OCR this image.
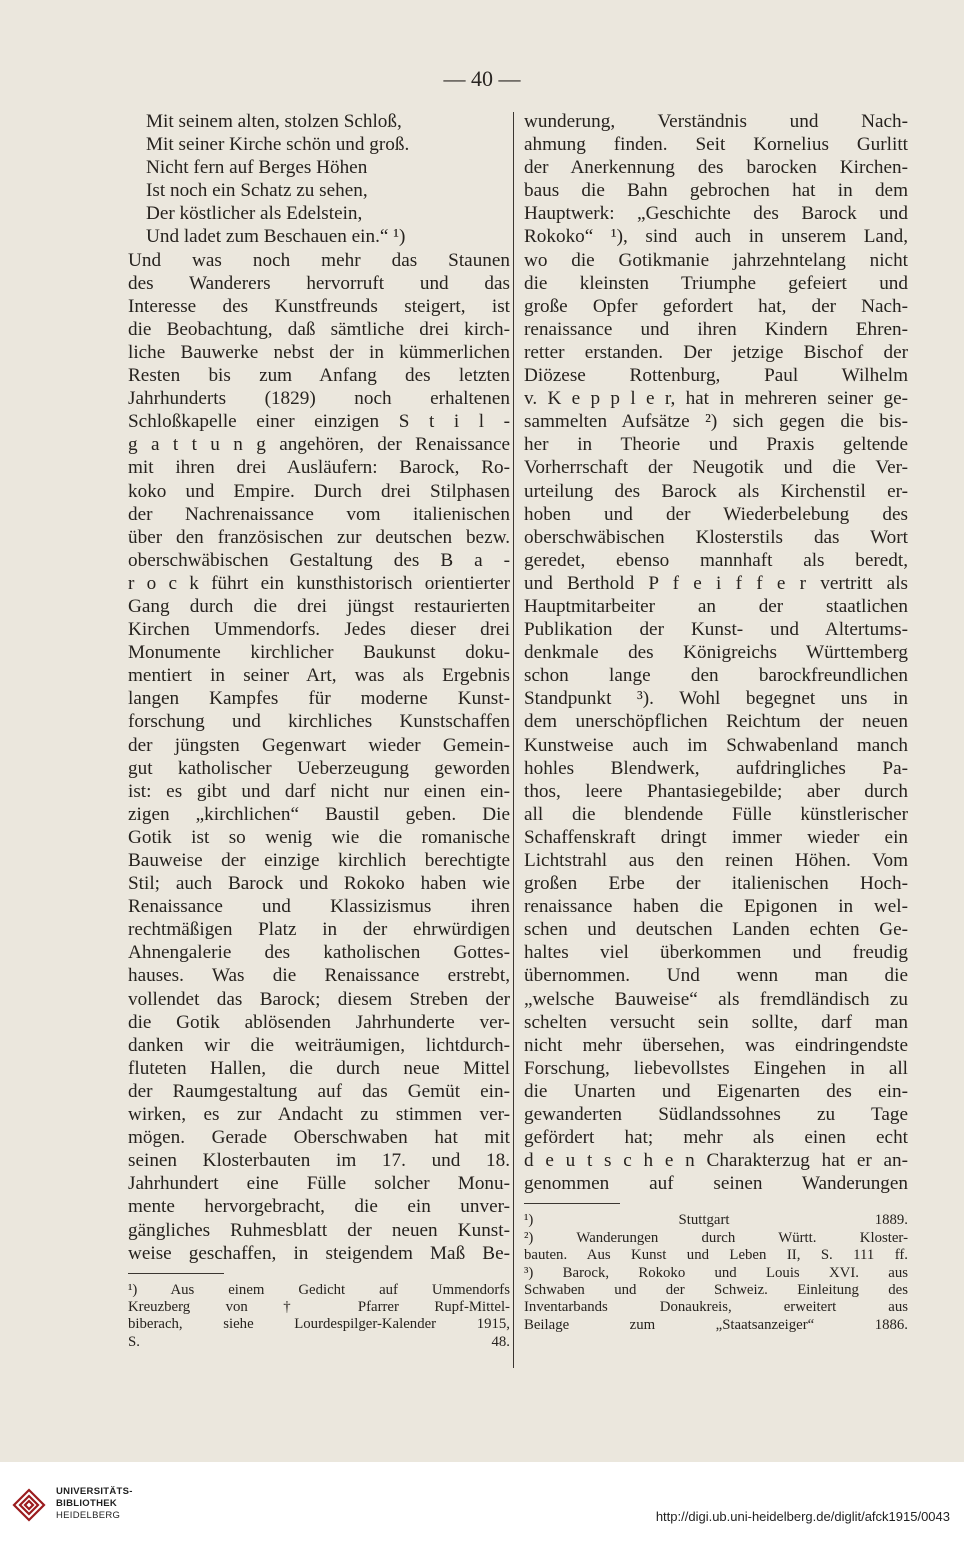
— 40 —
Mit seinem alten, stolzen Schloß,
Mit seiner Kirche schön und groß.
Nicht fern auf Berges Höhen
Ist noch ein Schatz zu sehen,
Der köstlicher als Edelstein,
Und ladet zum Beschauen ein.“ ¹)
Und was noch mehr das Staunen
des Wanderers hervorruft und das
Interesse des Kunstfreunds steigert, ist
die Beobachtung, daß sämtliche drei kirch-
liche Bauwerke nebst der in kümmerlichen
Resten bis zum Anfang des letzten
Jahrhunderts (1829) noch erhaltenen
Schloßkapelle einer einzigen S t i l -
g a t t u n g angehören, der Renaissance
mit ihren drei Ausläufern: Barock, Ro-
koko und Empire. Durch drei Stilphasen
der Nachrenaissance vom italienischen
über den französischen zur deutschen bezw.
oberschwäbischen Gestaltung des B a -
r o c k führt ein kunsthistorisch orientierter
Gang durch die drei jüngst restaurierten
Kirchen Ummendorfs. Jedes dieser drei
Monumente kirchlicher Baukunst doku-
mentiert in seiner Art, was als Ergebnis
langen Kampfes für moderne Kunst-
forschung und kirchliches Kunstschaffen
der jüngsten Gegenwart wieder Gemein-
gut katholischer Ueberzeugung geworden
ist: es gibt und darf nicht nur einen ein-
zigen „kirchlichen“ Baustil geben. Die
Gotik ist so wenig wie die romanische
Bauweise der einzige kirchlich berechtigte
Stil; auch Barock und Rokoko haben wie
Renaissance und Klassizismus ihren
rechtmäßigen Platz in der ehrwürdigen
Ahnengalerie des katholischen Gottes-
hauses. Was die Renaissance erstrebt,
vollendet das Barock; diesem Streben der
die Gotik ablösenden Jahrhunderte ver-
danken wir die weiträumigen, lichtdurch-
fluteten Hallen, die durch neue Mittel
der Raumgestaltung auf das Gemüt ein-
wirken, es zur Andacht zu stimmen ver-
mögen. Gerade Oberschwaben hat mit
seinen Klosterbauten im 17. und 18.
Jahrhundert eine Fülle solcher Monu-
mente hervorgebracht, die ein unver-
gängliches Ruhmesblatt der neuen Kunst-
weise geschaffen, in steigendem Maß Be-
¹) Aus einem Gedicht auf Ummendorfs
Kreuzberg von † Pfarrer Rupf-Mittel-
biberach, siehe Lourdespilger-Kalender 1915,
S. 48.
wunderung, Verständnis und Nach-
ahmung finden. Seit Kornelius Gurlitt
der Anerkennung des barocken Kirchen-
baus die Bahn gebrochen hat in dem
Hauptwerk: „Geschichte des Barock und
Rokoko“ ¹), sind auch in unserem Land,
wo die Gotikmanie jahrzehntelang nicht
die kleinsten Triumphe gefeiert und
große Opfer gefordert hat, der Nach-
renaissance und ihren Kindern Ehren-
retter erstanden. Der jetzige Bischof der
Diözese Rottenburg, Paul Wilhelm
v. K e p p l e r, hat in mehreren seiner ge-
sammelten Aufsätze ²) sich gegen die bis-
her in Theorie und Praxis geltende
Vorherrschaft der Neugotik und die Ver-
urteilung des Barock als Kirchenstil er-
hoben und der Wiederbelebung des
oberschwäbischen Klosterstils das Wort
geredet, ebenso mannhaft als beredt,
und Berthold P f e i f f e r vertritt als
Hauptmitarbeiter an der staatlichen
Publikation der Kunst- und Altertums-
denkmale des Königreichs Württemberg
schon lange den barockfreundlichen
Standpunkt ³). Wohl begegnet uns in
dem unerschöpflichen Reichtum der neuen
Kunstweise auch im Schwabenland manch
hohles Blendwerk, aufdringliches Pa-
thos, leere Phantasiegebilde; aber durch
all die blendende Fülle künstlerischer
Schaffenskraft dringt immer wieder ein
Lichtstrahl aus den reinen Höhen. Vom
großen Erbe der italienischen Hoch-
renaissance haben die Epigonen in wel-
schen und deutschen Landen echten Ge-
haltes viel überkommen und freudig
übernommen. Und wenn man die
„welsche Bauweise“ als fremdländisch zu
schelten versucht sein sollte, darf man
nicht mehr übersehen, was eindringendste
Forschung, liebevollstes Eingehen in all
die Unarten und Eigenarten des ein-
gewanderten Südlandssohnes zu Tage
gefördert hat; mehr als einen echt
d e u t s c h e n Charakterzug hat er an-
genommen auf seinen Wanderungen
¹) Stuttgart 1889.
²) Wanderungen durch Württ. Kloster-
bauten. Aus Kunst und Leben II, S. 111 ff.
³) Barock, Rokoko und Louis XVI. aus
Schwaben und der Schweiz. Einleitung des
Inventarbands Donaukreis, erweitert aus
Beilage zum „Staatsanzeiger“ 1886.
UNIVERSITÄTS-
BIBLIOTHEK
HEIDELBERG	http://digi.ub.uni-heidelberg.de/diglit/afck1915/0043
